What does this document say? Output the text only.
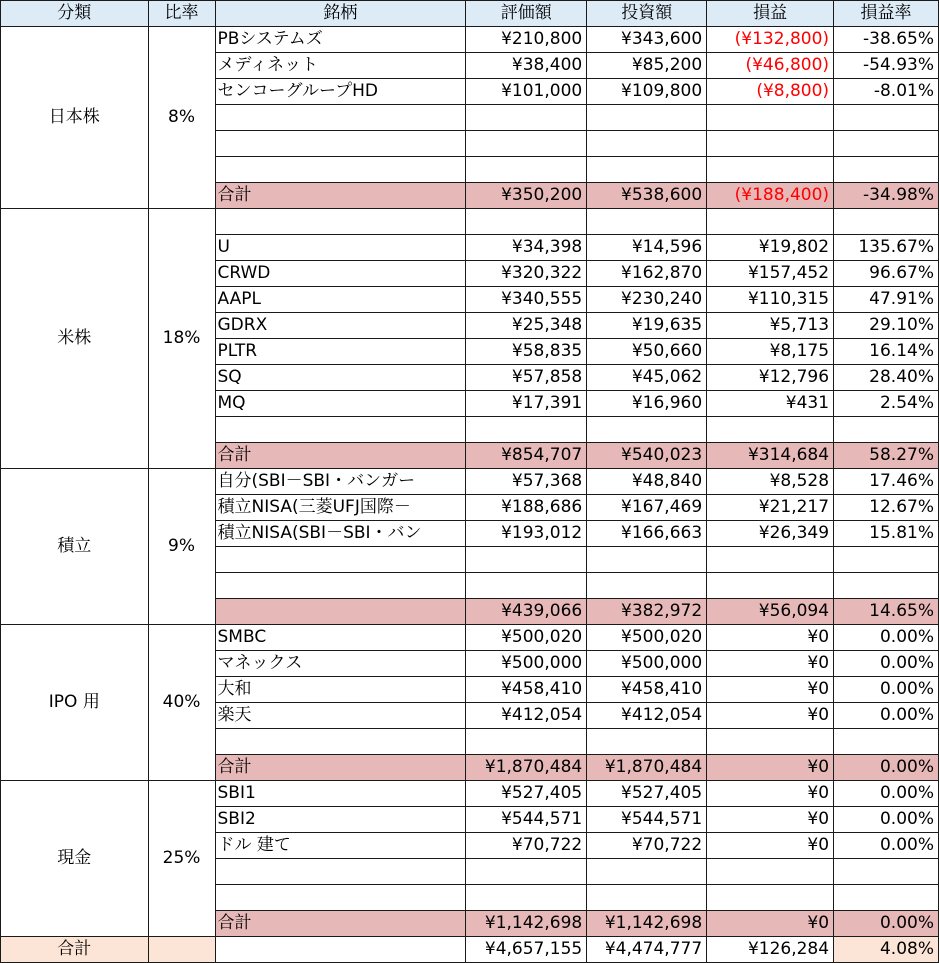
分類	比率	銘柄	評価額	投資額	損益	損益率
日本株	8%	PBシステムズ	¥210,800	¥343,600	(¥132,800)	-38.65%
		メディネット	¥38,400	¥85,200	(¥46,800)	-54.93%
		センコーグループHD	¥101,000	¥109,800	(¥8,800)	-8.01%

		合計	¥350,200	¥538,600	(¥188,400)	-34.98%
米株	18%					
		U	¥34,398	¥14,596	¥19,802	135.67%
		CRWD	¥320,322	¥162,870	¥157,452	96.67%
		AAPL	¥340,555	¥230,240	¥110,315	47.91%
		GDRX	¥25,348	¥19,635	¥5,713	29.10%
		PLTR	¥58,835	¥50,660	¥8,175	16.14%
		SQ	¥57,858	¥45,062	¥12,796	28.40%
		MQ	¥17,391	¥16,960	¥431	2.54%

		合計	¥854,707	¥540,023	¥314,684	58.27%
積立	9%	自分(SBI－SBI・バンガー	¥57,368	¥48,840	¥8,528	17.46%
		積立NISA(三菱UFJ国際－	¥188,686	¥167,469	¥21,217	12.67%
		積立NISA(SBI－SBI・バン	¥193,012	¥166,663	¥26,349	15.81%

			¥439,066	¥382,972	¥56,094	14.65%
IPO 用	40%	SMBC	¥500,020	¥500,020	¥0	0.00%
		マネックス	¥500,000	¥500,000	¥0	0.00%
		大和	¥458,410	¥458,410	¥0	0.00%
		楽天	¥412,054	¥412,054	¥0	0.00%

		合計	¥1,870,484	¥1,870,484	¥0	0.00%
現金	25%	SBI1	¥527,405	¥527,405	¥0	0.00%
		SBI2	¥544,571	¥544,571	¥0	0.00%
		ドル 建て	¥70,722	¥70,722	¥0	0.00%

		合計	¥1,142,698	¥1,142,698	¥0	0.00%
合計			¥4,657,155	¥4,474,777	¥126,284	4.08%
